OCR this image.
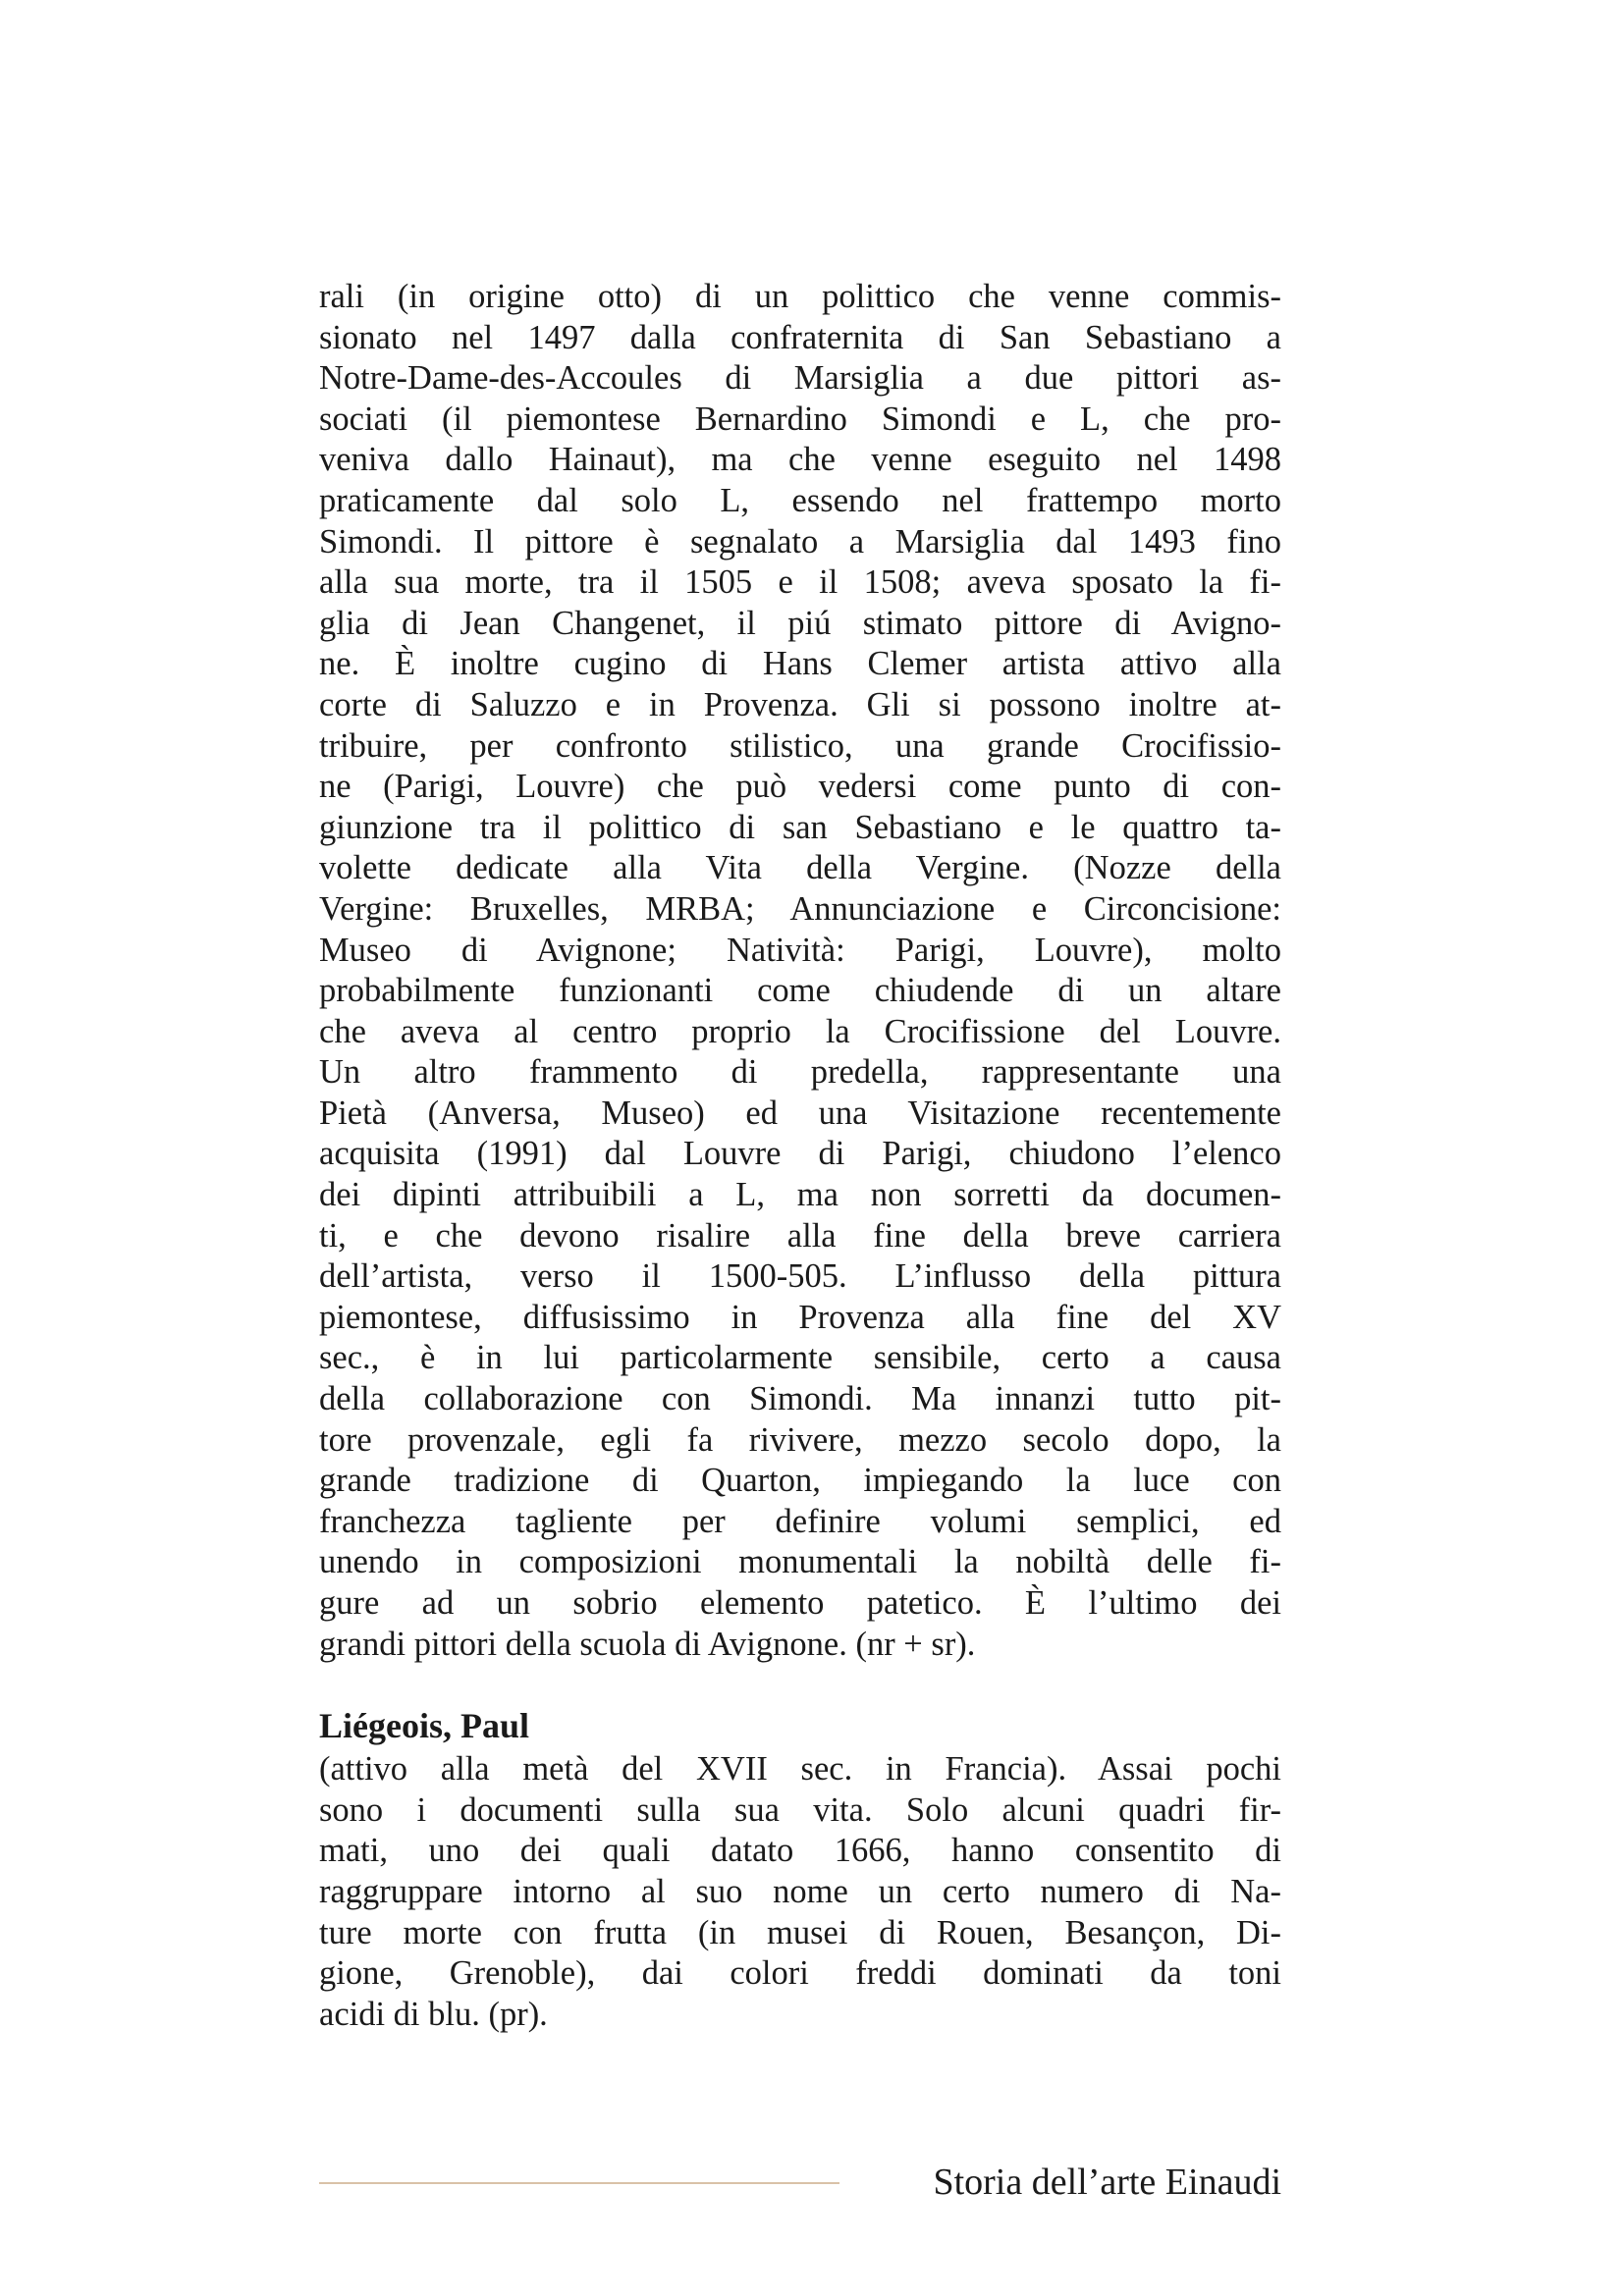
rali (in origine otto) di un polittico che venne commis-
sionato nel 1497 dalla confraternita di San Sebastiano a
Notre-Dame-des-Accoules di Marsiglia a due pittori as-
sociati (il piemontese Bernardino Simondi e L, che pro-
veniva dallo Hainaut), ma che venne eseguito nel 1498
praticamente dal solo L, essendo nel frattempo morto
Simondi. Il pittore è segnalato a Marsiglia dal 1493 fino
alla sua morte, tra il 1505 e il 1508; aveva sposato la fi-
glia di Jean Changenet, il piú stimato pittore di Avigno-
ne. È inoltre cugino di Hans Clemer artista attivo alla
corte di Saluzzo e in Provenza. Gli si possono inoltre at-
tribuire, per confronto stilistico, una grande Crocifissio-
ne (Parigi, Louvre) che può vedersi come punto di con-
giunzione tra il polittico di san Sebastiano e le quattro ta-
volette dedicate alla Vita della Vergine. (Nozze della
Vergine: Bruxelles, MRBA; Annunciazione e Circoncisione:
Museo di Avignone; Natività: Parigi, Louvre), molto
probabilmente funzionanti come chiudende di un altare
che aveva al centro proprio la Crocifissione del Louvre.
Un altro frammento di predella, rappresentante una
Pietà (Anversa, Museo) ed una Visitazione recentemente
acquisita (1991) dal Louvre di Parigi, chiudono l’elenco
dei dipinti attribuibili a L, ma non sorretti da documen-
ti, e che devono risalire alla fine della breve carriera
dell’artista, verso il 1500-505. L’influsso della pittura
piemontese, diffusissimo in Provenza alla fine del XV
sec., è in lui particolarmente sensibile, certo a causa
della collaborazione con Simondi. Ma innanzi tutto pit-
tore provenzale, egli fa rivivere, mezzo secolo dopo, la
grande tradizione di Quarton, impiegando la luce con
franchezza tagliente per definire volumi semplici, ed
unendo in composizioni monumentali la nobiltà delle fi-
gure ad un sobrio elemento patetico. È l’ultimo dei
grandi pittori della scuola di Avignone. (nr + sr).
Liégeois, Paul
(attivo alla metà del XVII sec. in Francia). Assai pochi
sono i documenti sulla sua vita. Solo alcuni quadri fir-
mati, uno dei quali datato 1666, hanno consentito di
raggruppare intorno al suo nome un certo numero di Na-
ture morte con frutta (in musei di Rouen, Besançon, Di-
gione, Grenoble), dai colori freddi dominati da toni
acidi di blu. (pr).
Storia dell’arte Einaudi
